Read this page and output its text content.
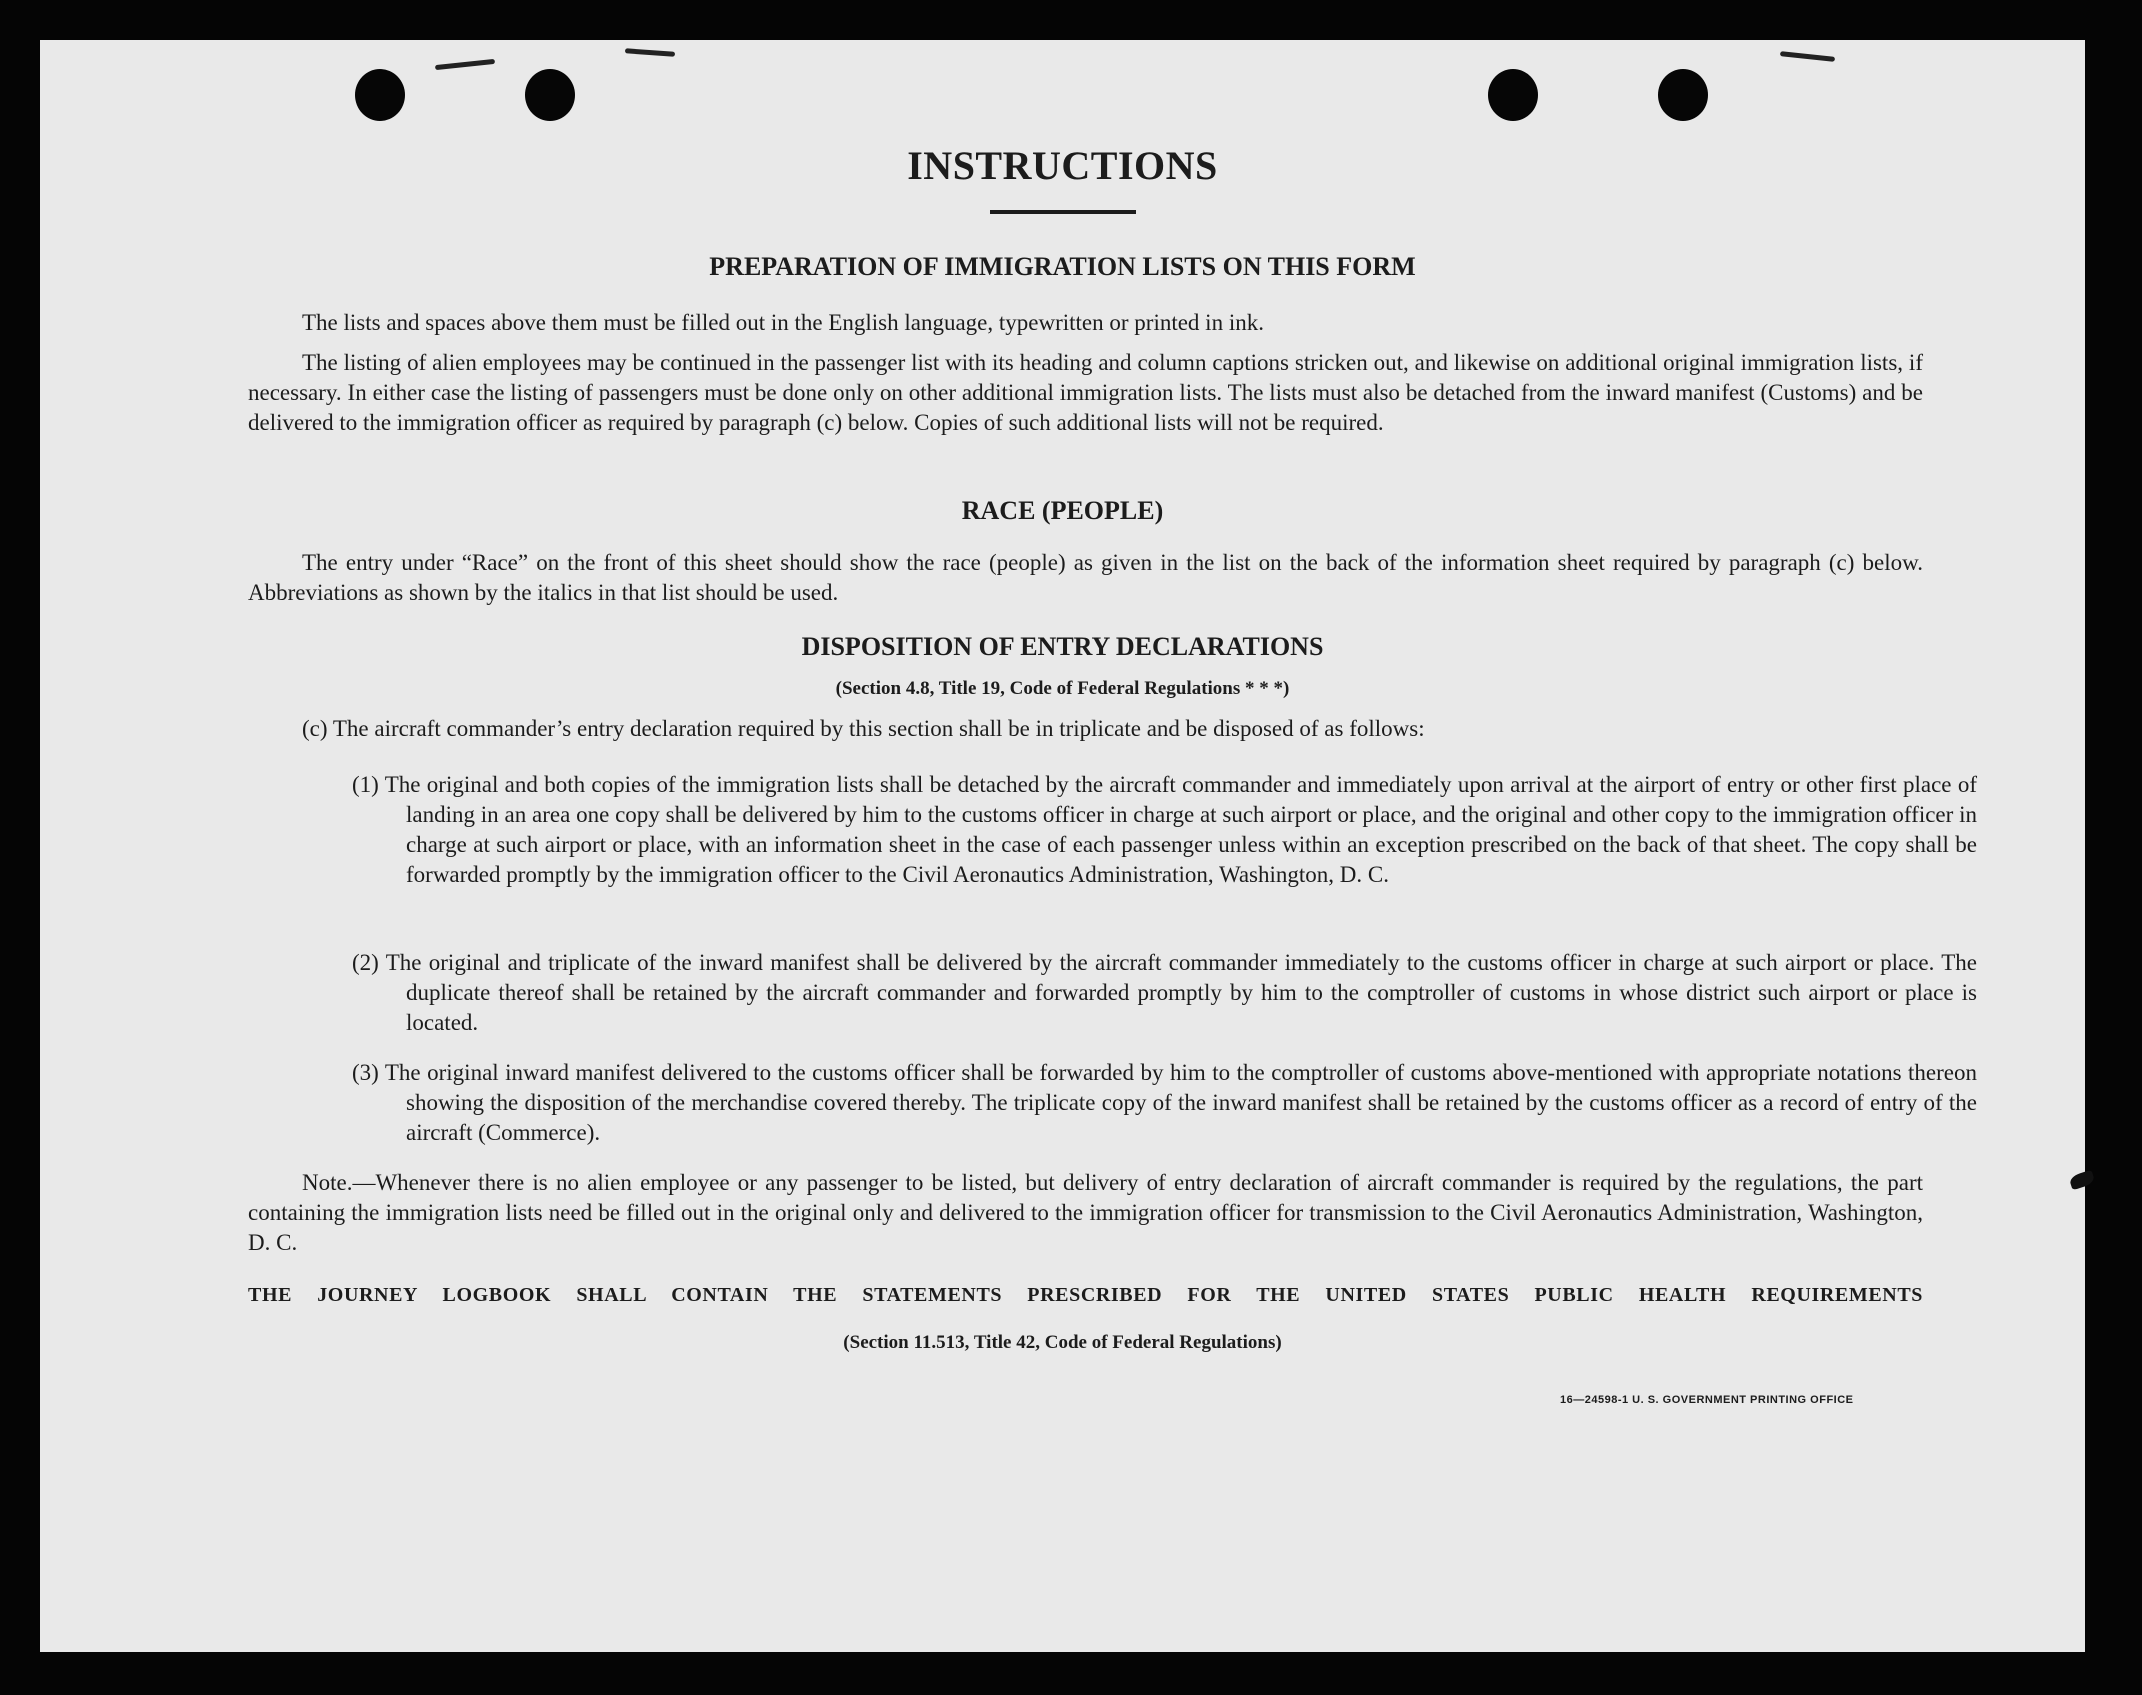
INSTRUCTIONS
PREPARATION OF IMMIGRATION LISTS ON THIS FORM

The lists and spaces above them must be filled out in the English language, typewritten or printed in ink.

The listing of alien employees may be continued in the passenger list with its heading and column captions stricken out, and likewise on additional original immigration lists, if necessary. In either case the listing of passengers must be done only on other additional immigration lists. The lists must also be detached from the inward manifest (Customs) and be delivered to the immigration officer as required by paragraph (c) below. Copies of such additional lists will not be required.

RACE (PEOPLE)

The entry under “Race” on the front of this sheet should show the race (people) as given in the list on the back of the information sheet required by paragraph (c) below. Abbreviations as shown by the italics in that list should be used.

DISPOSITION OF ENTRY DECLARATIONS

(Section 4.8, Title 19, Code of Federal Regulations * * *)

(c) The aircraft commander’s entry declaration required by this section shall be in triplicate and be disposed of as follows:

(1) The original and both copies of the immigration lists shall be detached by the aircraft commander and immediately upon arrival at the airport of entry or other first place of landing in an area one copy shall be delivered by him to the customs officer in charge at such airport or place, and the original and other copy to the immigration officer in charge at such airport or place, with an information sheet in the case of each passenger unless within an exception prescribed on the back of that sheet. The copy shall be forwarded promptly by the immigration officer to the Civil Aeronautics Administration, Washington, D. C.

(2) The original and triplicate of the inward manifest shall be delivered by the aircraft commander immediately to the customs officer in charge at such airport or place. The duplicate thereof shall be retained by the aircraft commander and forwarded promptly by him to the comptroller of customs in whose district such airport or place is located.

(3) The original inward manifest delivered to the customs officer shall be forwarded by him to the comptroller of customs above-mentioned with appropriate notations thereon showing the disposition of the merchandise covered thereby. The triplicate copy of the inward manifest shall be retained by the customs officer as a record of entry of the aircraft (Commerce).

Note.—Whenever there is no alien employee or any passenger to be listed, but delivery of entry declaration of aircraft commander is required by the regulations, the part containing the immigration lists need be filled out in the original only and delivered to the immigration officer for transmission to the Civil Aeronautics Administration, Washington, D. C.

THE JOURNEY LOGBOOK SHALL CONTAIN THE STATEMENTS PRESCRIBED FOR THE UNITED STATES PUBLIC HEALTH REQUIREMENTS

(Section 11.513, Title 42, Code of Federal Regulations)

16—24598-1 U. S. GOVERNMENT PRINTING OFFICE
